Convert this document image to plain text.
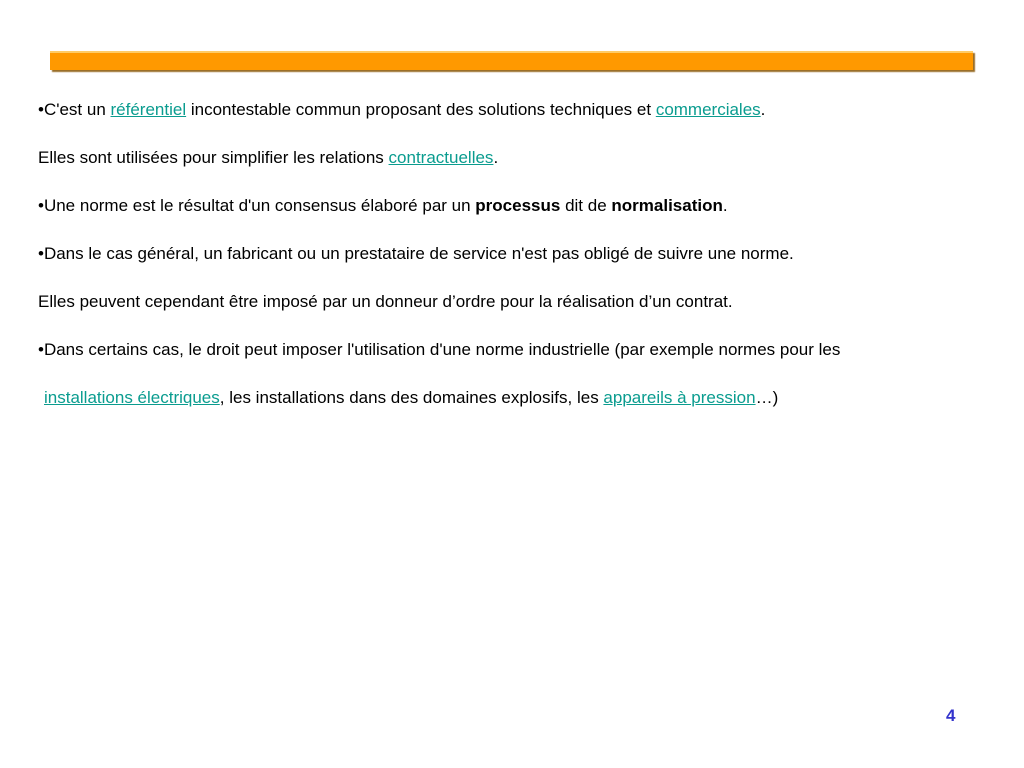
•C'est un référentiel incontestable commun proposant des solutions techniques et commerciales.

Elles sont utilisées pour simplifier les relations contractuelles.

•Une norme est le résultat d'un consensus élaboré par un processus dit de normalisation.

•Dans le cas général, un fabricant ou un prestataire de service n'est pas obligé de suivre une norme.

Elles peuvent cependant être imposé par un donneur d’ordre pour la réalisation d’un contrat.

•Dans certains cas, le droit peut imposer l'utilisation d'une norme industrielle (par exemple normes pour les

installations électriques, les installations dans des domaines explosifs, les appareils à pression…)

4
